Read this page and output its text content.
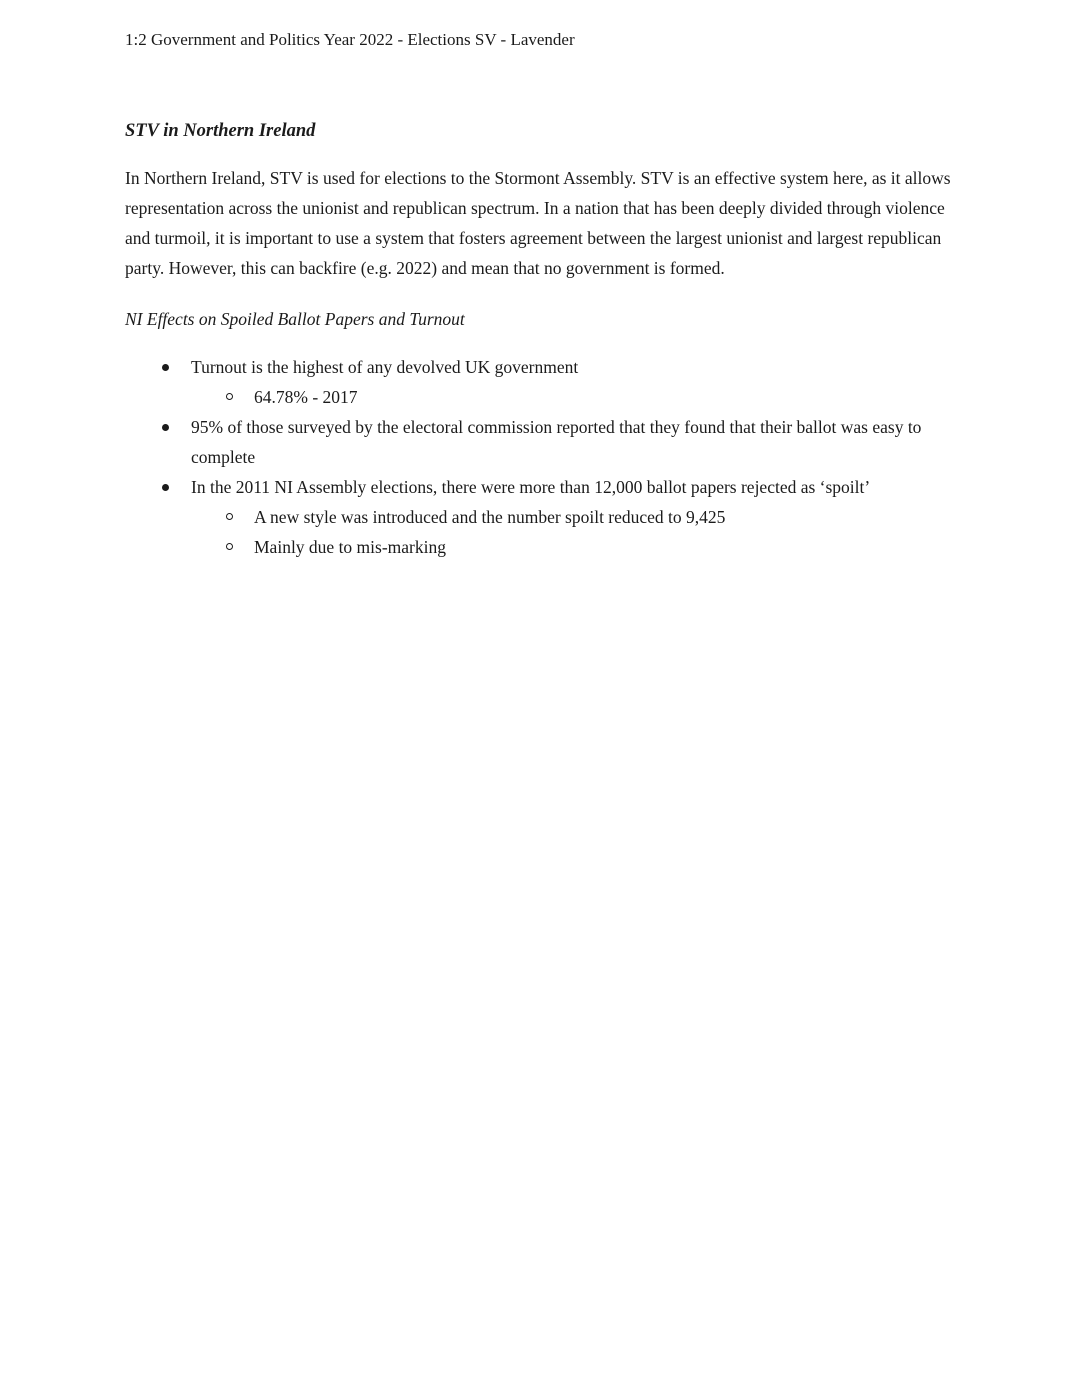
1:2 Government and Politics Year 2022 - Elections SV - Lavender
STV in Northern Ireland
In Northern Ireland, STV is used for elections to the Stormont Assembly. STV is an effective system here, as it allows representation across the unionist and republican spectrum. In a nation that has been deeply divided through violence and turmoil, it is important to use a system that fosters agreement between the largest unionist and largest republican party. However, this can backfire (e.g. 2022) and mean that no government is formed.
NI Effects on Spoiled Ballot Papers and Turnout
Turnout is the highest of any devolved UK government
64.78% - 2017
95% of those surveyed by the electoral commission reported that they found that their ballot was easy to complete
In the 2011 NI Assembly elections, there were more than 12,000 ballot papers rejected as ‘spoilt’
A new style was introduced and the number spoilt reduced to 9,425
Mainly due to mis-marking
